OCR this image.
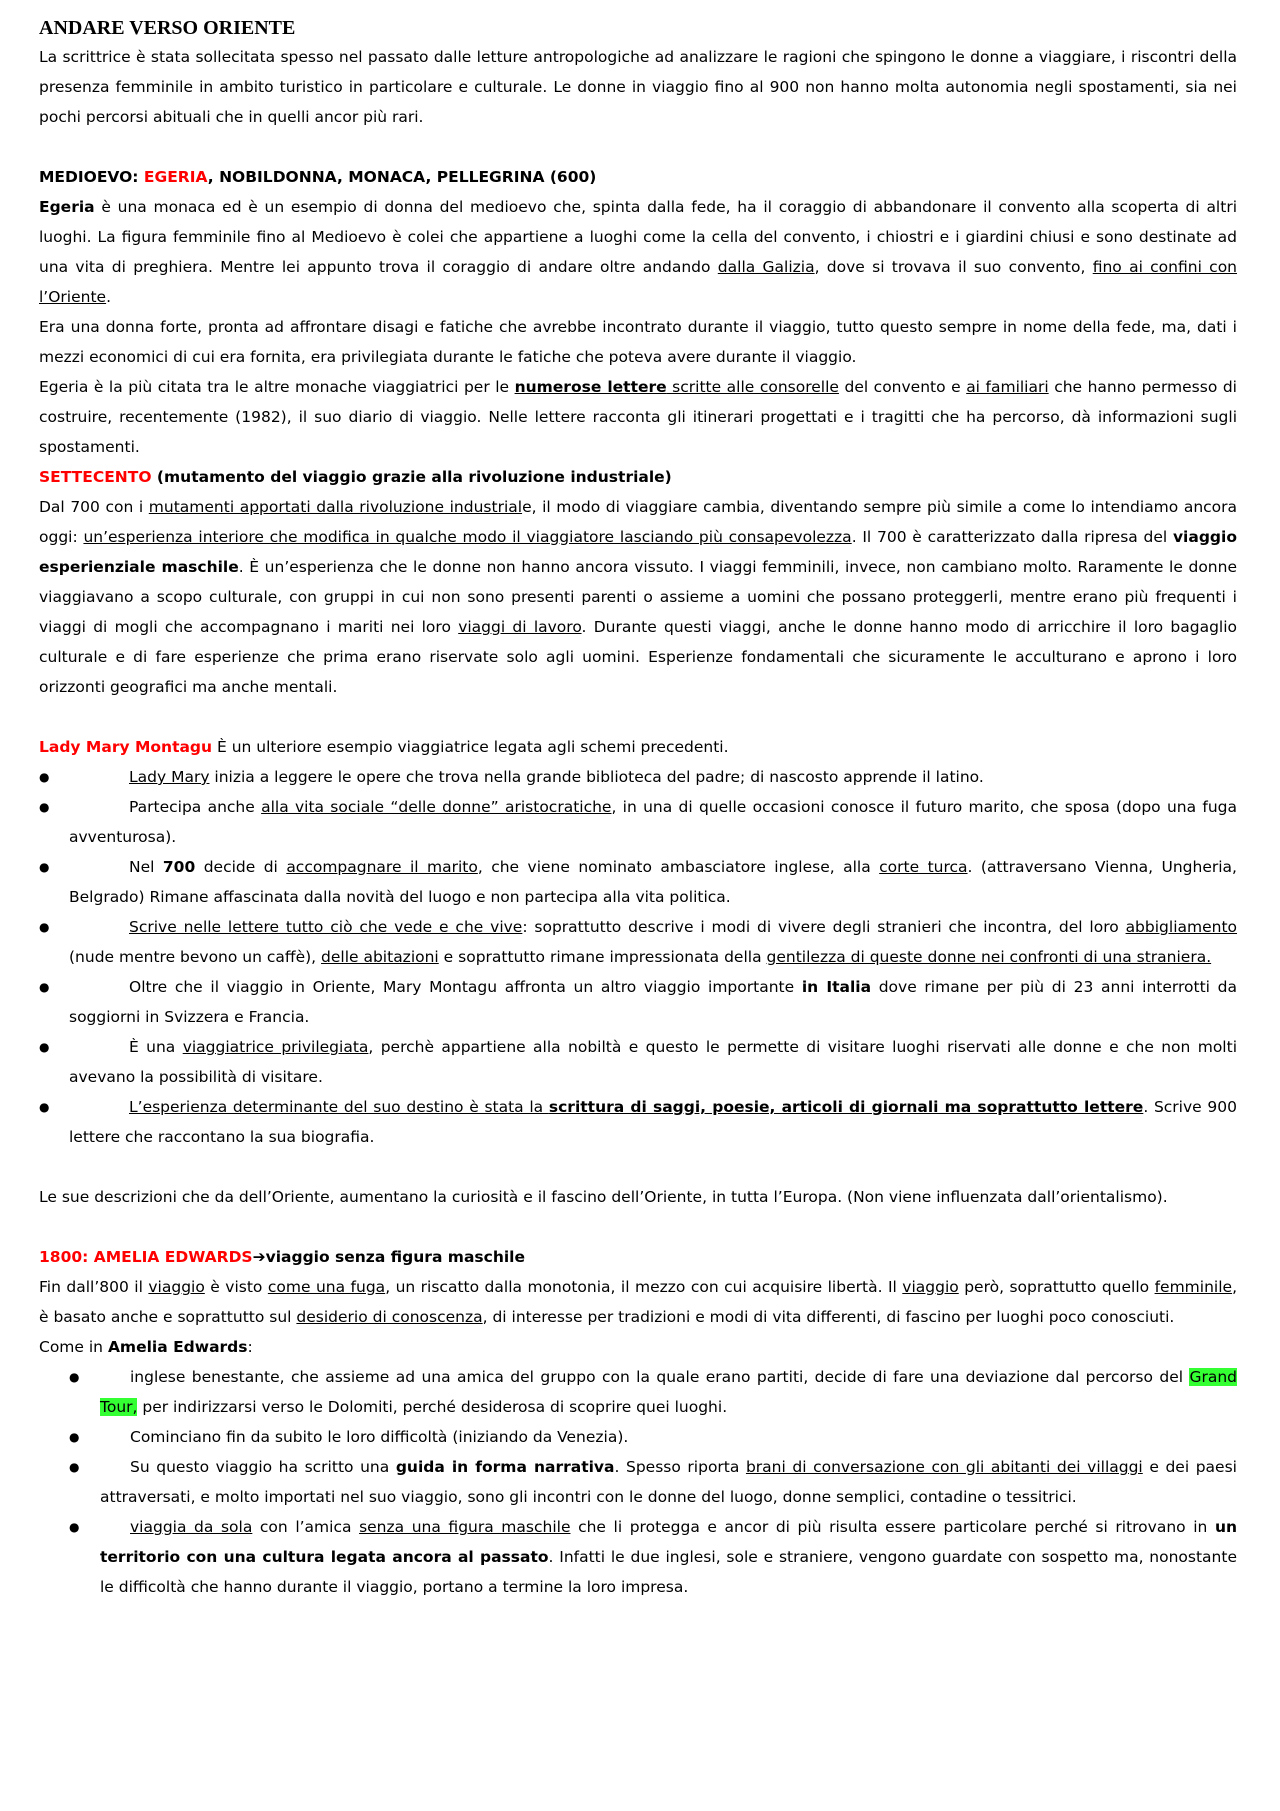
ANDARE VERSO ORIENTE

La scrittrice è stata sollecitata spesso nel passato dalle letture antropologiche ad analizzare le ragioni che spingono le donne a viaggiare, i riscontri della presenza femminile in ambito turistico in particolare e culturale. Le donne in viaggio fino al 900 non hanno molta autonomia negli spostamenti, sia nei pochi percorsi abituali che in quelli ancor più rari.

MEDIOEVO: EGERIA, NOBILDONNA, MONACA, PELLEGRINA (600)

Egeria è una monaca ed è un esempio di donna del medioevo che, spinta dalla fede, ha il coraggio di abbandonare il convento alla scoperta di altri luoghi. La figura femminile fino al Medioevo è colei che appartiene a luoghi come la cella del convento, i chiostri e i giardini chiusi e sono destinate ad una vita di preghiera. Mentre lei appunto trova il coraggio di andare oltre andando dalla Galizia, dove si trovava il suo convento, fino ai confini con l’Oriente.

Era una donna forte, pronta ad affrontare disagi e fatiche che avrebbe incontrato durante il viaggio, tutto questo sempre in nome della fede, ma, dati i mezzi economici di cui era fornita, era privilegiata durante le fatiche che poteva avere durante il viaggio.

Egeria è la più citata tra le altre monache viaggiatrici per le numerose lettere scritte alle consorelle del convento e ai familiari che hanno permesso di costruire, recentemente (1982), il suo diario di viaggio. Nelle lettere racconta gli itinerari progettati e i tragitti che ha percorso, dà informazioni sugli spostamenti.

SETTECENTO (mutamento del viaggio grazie alla rivoluzione industriale)

Dal 700 con i mutamenti apportati dalla rivoluzione industriale, il modo di viaggiare cambia, diventando sempre più simile a come lo intendiamo ancora oggi: un’esperienza interiore che modifica in qualche modo il viaggiatore lasciando più consapevolezza. Il 700 è caratterizzato dalla ripresa del viaggio esperienziale maschile. È un’esperienza che le donne non hanno ancora vissuto. I viaggi femminili, invece, non cambiano molto. Raramente le donne viaggiavano a scopo culturale, con gruppi in cui non sono presenti parenti o assieme a uomini che possano proteggerli, mentre erano più frequenti i viaggi di mogli che accompagnano i mariti nei loro viaggi di lavoro. Durante questi viaggi, anche le donne hanno modo di arricchire il loro bagaglio culturale e di fare esperienze che prima erano riservate solo agli uomini. Esperienze fondamentali che sicuramente le acculturano e aprono i loro orizzonti geografici ma anche mentali.

Lady Mary Montagu È un ulteriore esempio viaggiatrice legata agli schemi precedenti.

● Lady Mary inizia a leggere le opere che trova nella grande biblioteca del padre; di nascosto apprende il latino.
● Partecipa anche alla vita sociale “delle donne” aristocratiche, in una di quelle occasioni conosce il futuro marito, che sposa (dopo una fuga avventurosa).
● Nel 700 decide di accompagnare il marito, che viene nominato ambasciatore inglese, alla corte turca. (attraversano Vienna, Ungheria, Belgrado) Rimane affascinata dalla novità del luogo e non partecipa alla vita politica.
● Scrive nelle lettere tutto ciò che vede e che vive: soprattutto descrive i modi di vivere degli stranieri che incontra, del loro abbigliamento (nude mentre bevono un caffè), delle abitazioni e soprattutto rimane impressionata della gentilezza di queste donne nei confronti di una straniera.
● Oltre che il viaggio in Oriente, Mary Montagu affronta un altro viaggio importante in Italia dove rimane per più di 23 anni interrotti da soggiorni in Svizzera e Francia.
● È una viaggiatrice privilegiata, perchè appartiene alla nobiltà e questo le permette di visitare luoghi riservati alle donne e che non molti avevano la possibilità di visitare.
● L’esperienza determinante del suo destino è stata la scrittura di saggi, poesie, articoli di giornali ma soprattutto lettere. Scrive 900 lettere che raccontano la sua biografia.

Le sue descrizioni che da dell’Oriente, aumentano la curiosità e il fascino dell’Oriente, in tutta l’Europa. (Non viene influenzata dall’orientalismo).

1800: AMELIA EDWARDS➔viaggio senza figura maschile

Fin dall’800 il viaggio è visto come una fuga, un riscatto dalla monotonia, il mezzo con cui acquisire libertà. Il viaggio però, soprattutto quello femminile, è basato anche e soprattutto sul desiderio di conoscenza, di interesse per tradizioni e modi di vita differenti, di fascino per luoghi poco conosciuti.

Come in Amelia Edwards:

● inglese benestante, che assieme ad una amica del gruppo con la quale erano partiti, decide di fare una deviazione dal percorso del Grand Tour, per indirizzarsi verso le Dolomiti, perché desiderosa di scoprire quei luoghi.
● Cominciano fin da subito le loro difficoltà (iniziando da Venezia).
● Su questo viaggio ha scritto una guida in forma narrativa. Spesso riporta brani di conversazione con gli abitanti dei villaggi e dei paesi attraversati, e molto importati nel suo viaggio, sono gli incontri con le donne del luogo, donne semplici, contadine o tessitrici.
● viaggia da sola con l’amica senza una figura maschile che li protegga e ancor di più risulta essere particolare perché si ritrovano in un territorio con una cultura legata ancora al passato. Infatti le due inglesi, sole e straniere, vengono guardate con sospetto ma, nonostante le difficoltà che hanno durante il viaggio, portano a termine la loro impresa.
